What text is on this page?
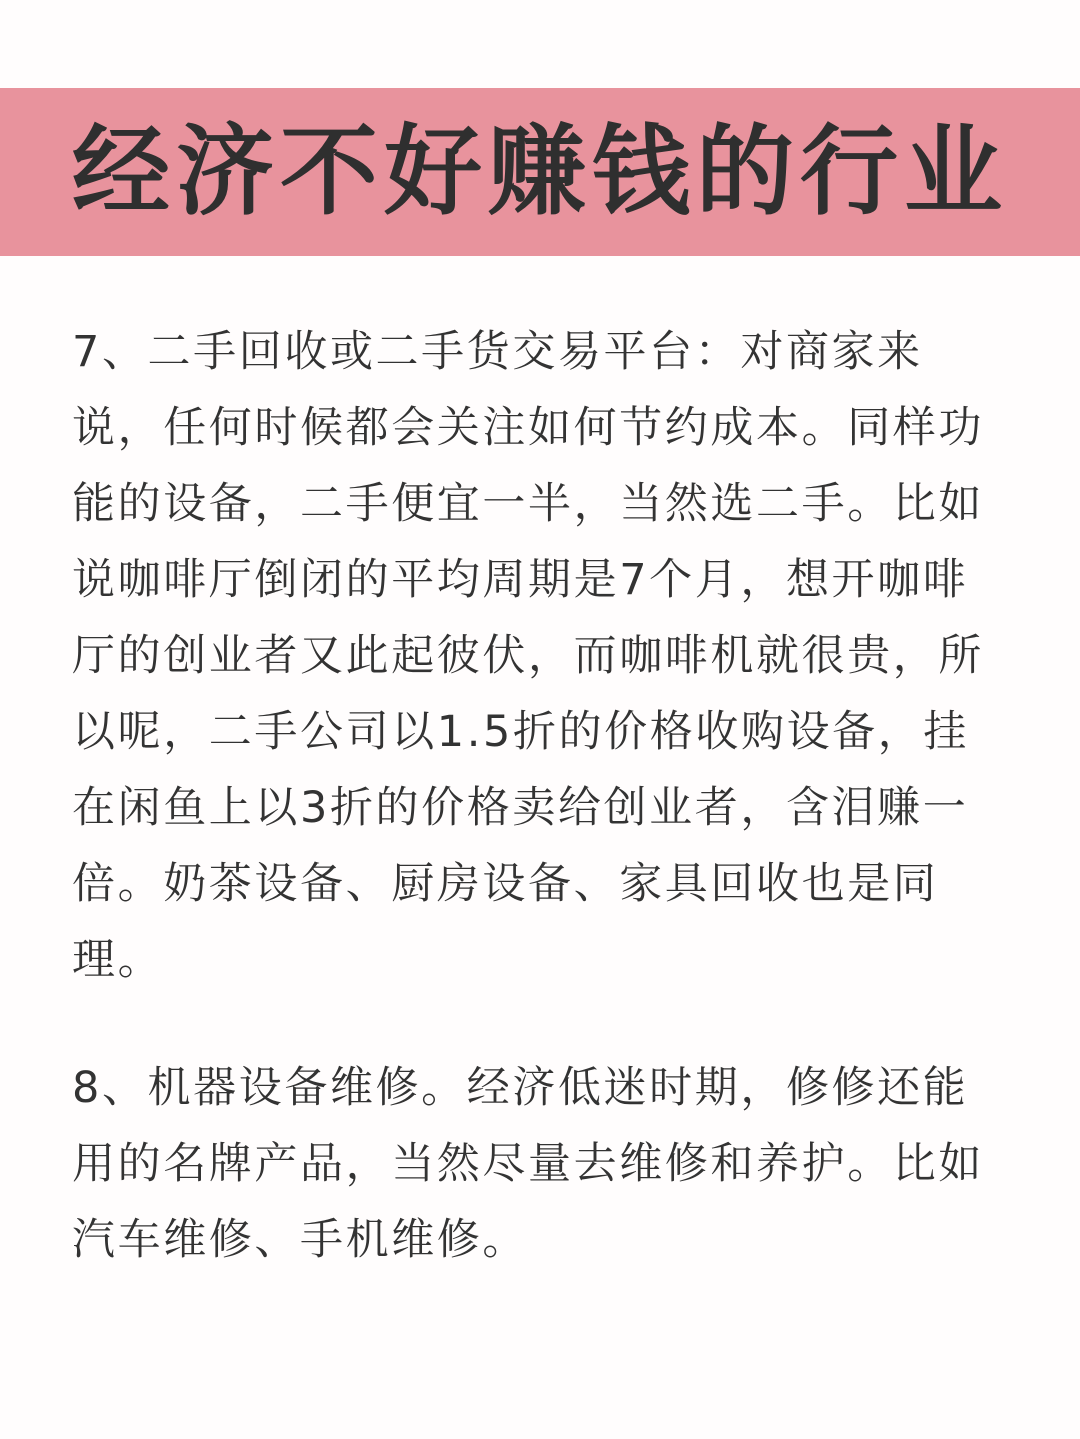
经济不好赚钱的行业

7、二手回收或二手货交易平台：对商家来说，任何时候都会关注如何节约成本。同样功能的设备，二手便宜一半，当然选二手。比如说咖啡厅倒闭的平均周期是7个月，想开咖啡厅的创业者又此起彼伏，而咖啡机就很贵，所以呢，二手公司以1.5折的价格收购设备，挂在闲鱼上以3折的价格卖给创业者，含泪赚一倍。奶茶设备、厨房设备、家具回收也是同理。

8、机器设备维修。经济低迷时期，修修还能用的名牌产品，当然尽量去维修和养护。比如汽车维修、手机维修。
